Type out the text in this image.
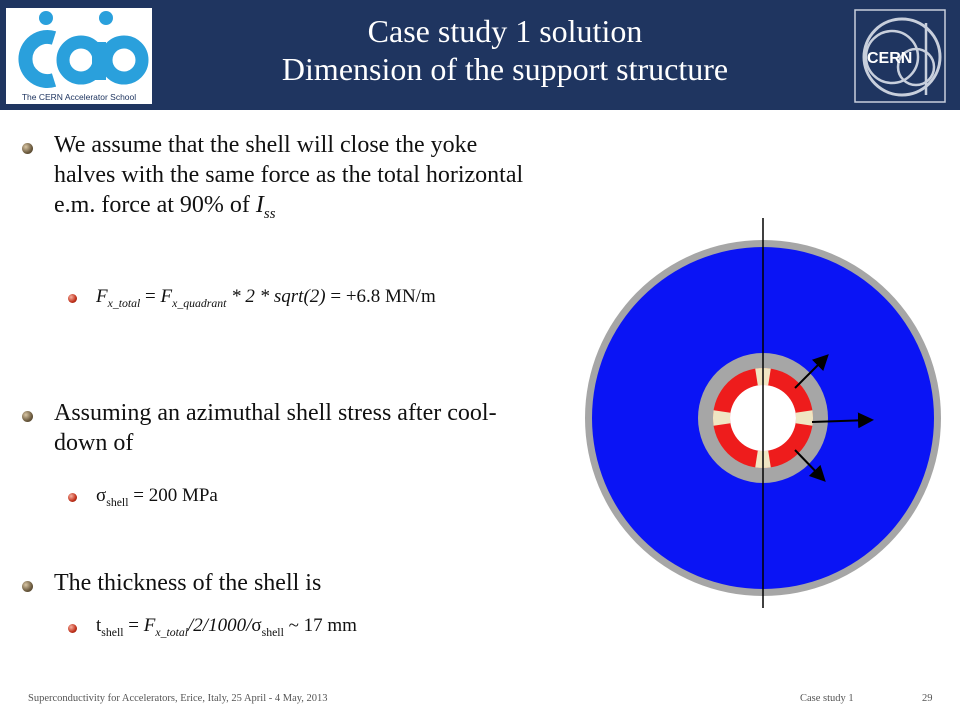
The CERN Accelerator School
Case study 1 solution
Dimension of the support structure	CERN
We assume that the shell will close the yoke halves with the same force as the total horizontal e.m. force at 90% of $I_{ss}$
$F_{x\_total} = F_{x\_quadrant} * 2$ * sqrt(2) = +6.8 MN/m
Assuming an azimuthal shell stress after cool-down of
$\sigma_{shell} = 200$ MPa
The thickness of the shell is
$t_{shell} = F_{x\_total}/2/1000/\sigma_{shell}$ ~ 17 mm
Superconductivity for Accelerators, Erice, Italy, 25 April - 4 May, 2013	Case study 1	29
